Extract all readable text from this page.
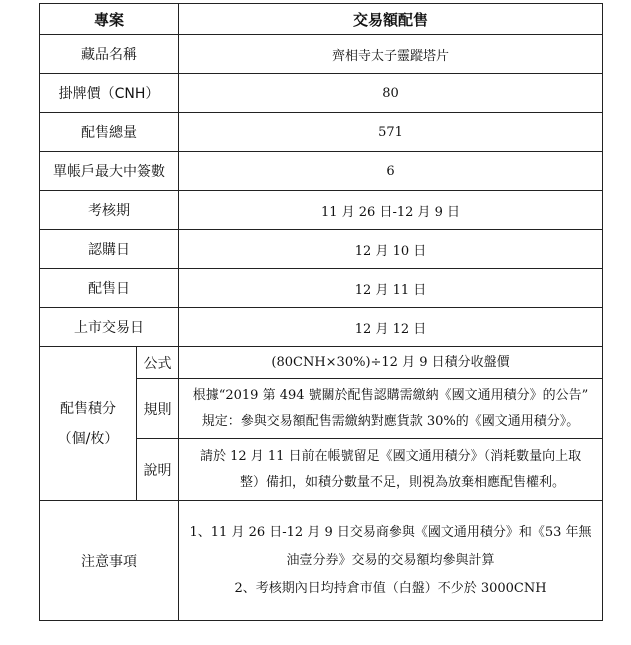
專案		交易額配售
藏品名稱		齊相寺太子靈蹤塔片
掛牌價（CNH）		80
配售總量		571
單帳戶最大中簽數		6
考核期		11 月 26 日-12 月 9 日
認購日		12 月 10 日
配售日		12 月 11 日
上市交易日		12 月 12 日

配售積分
（個/枚）	公式	(80CNH×30%)÷12 月 9 日積分收盤價
	規則	根據“2019 第 494 號關於配售認購需繳納《國文通用積分》的公告”
規定：參與交易額配售需繳納對應貨款 30%的《國文通用積分》。

	說明	請於 12 月 11 日前在帳號留足《國文通用積分》（消耗數量向上取
整）備扣，如積分數量不足，則視為放棄相應配售權利。

注意事項		1、11 月 26 日-12 月 9 日交易商參與《國文通用積分》和《53 年無
油壹分券》交易的交易額均參與計算
2、考核期內日均持倉市值（白盤）不少於 3000CNH
